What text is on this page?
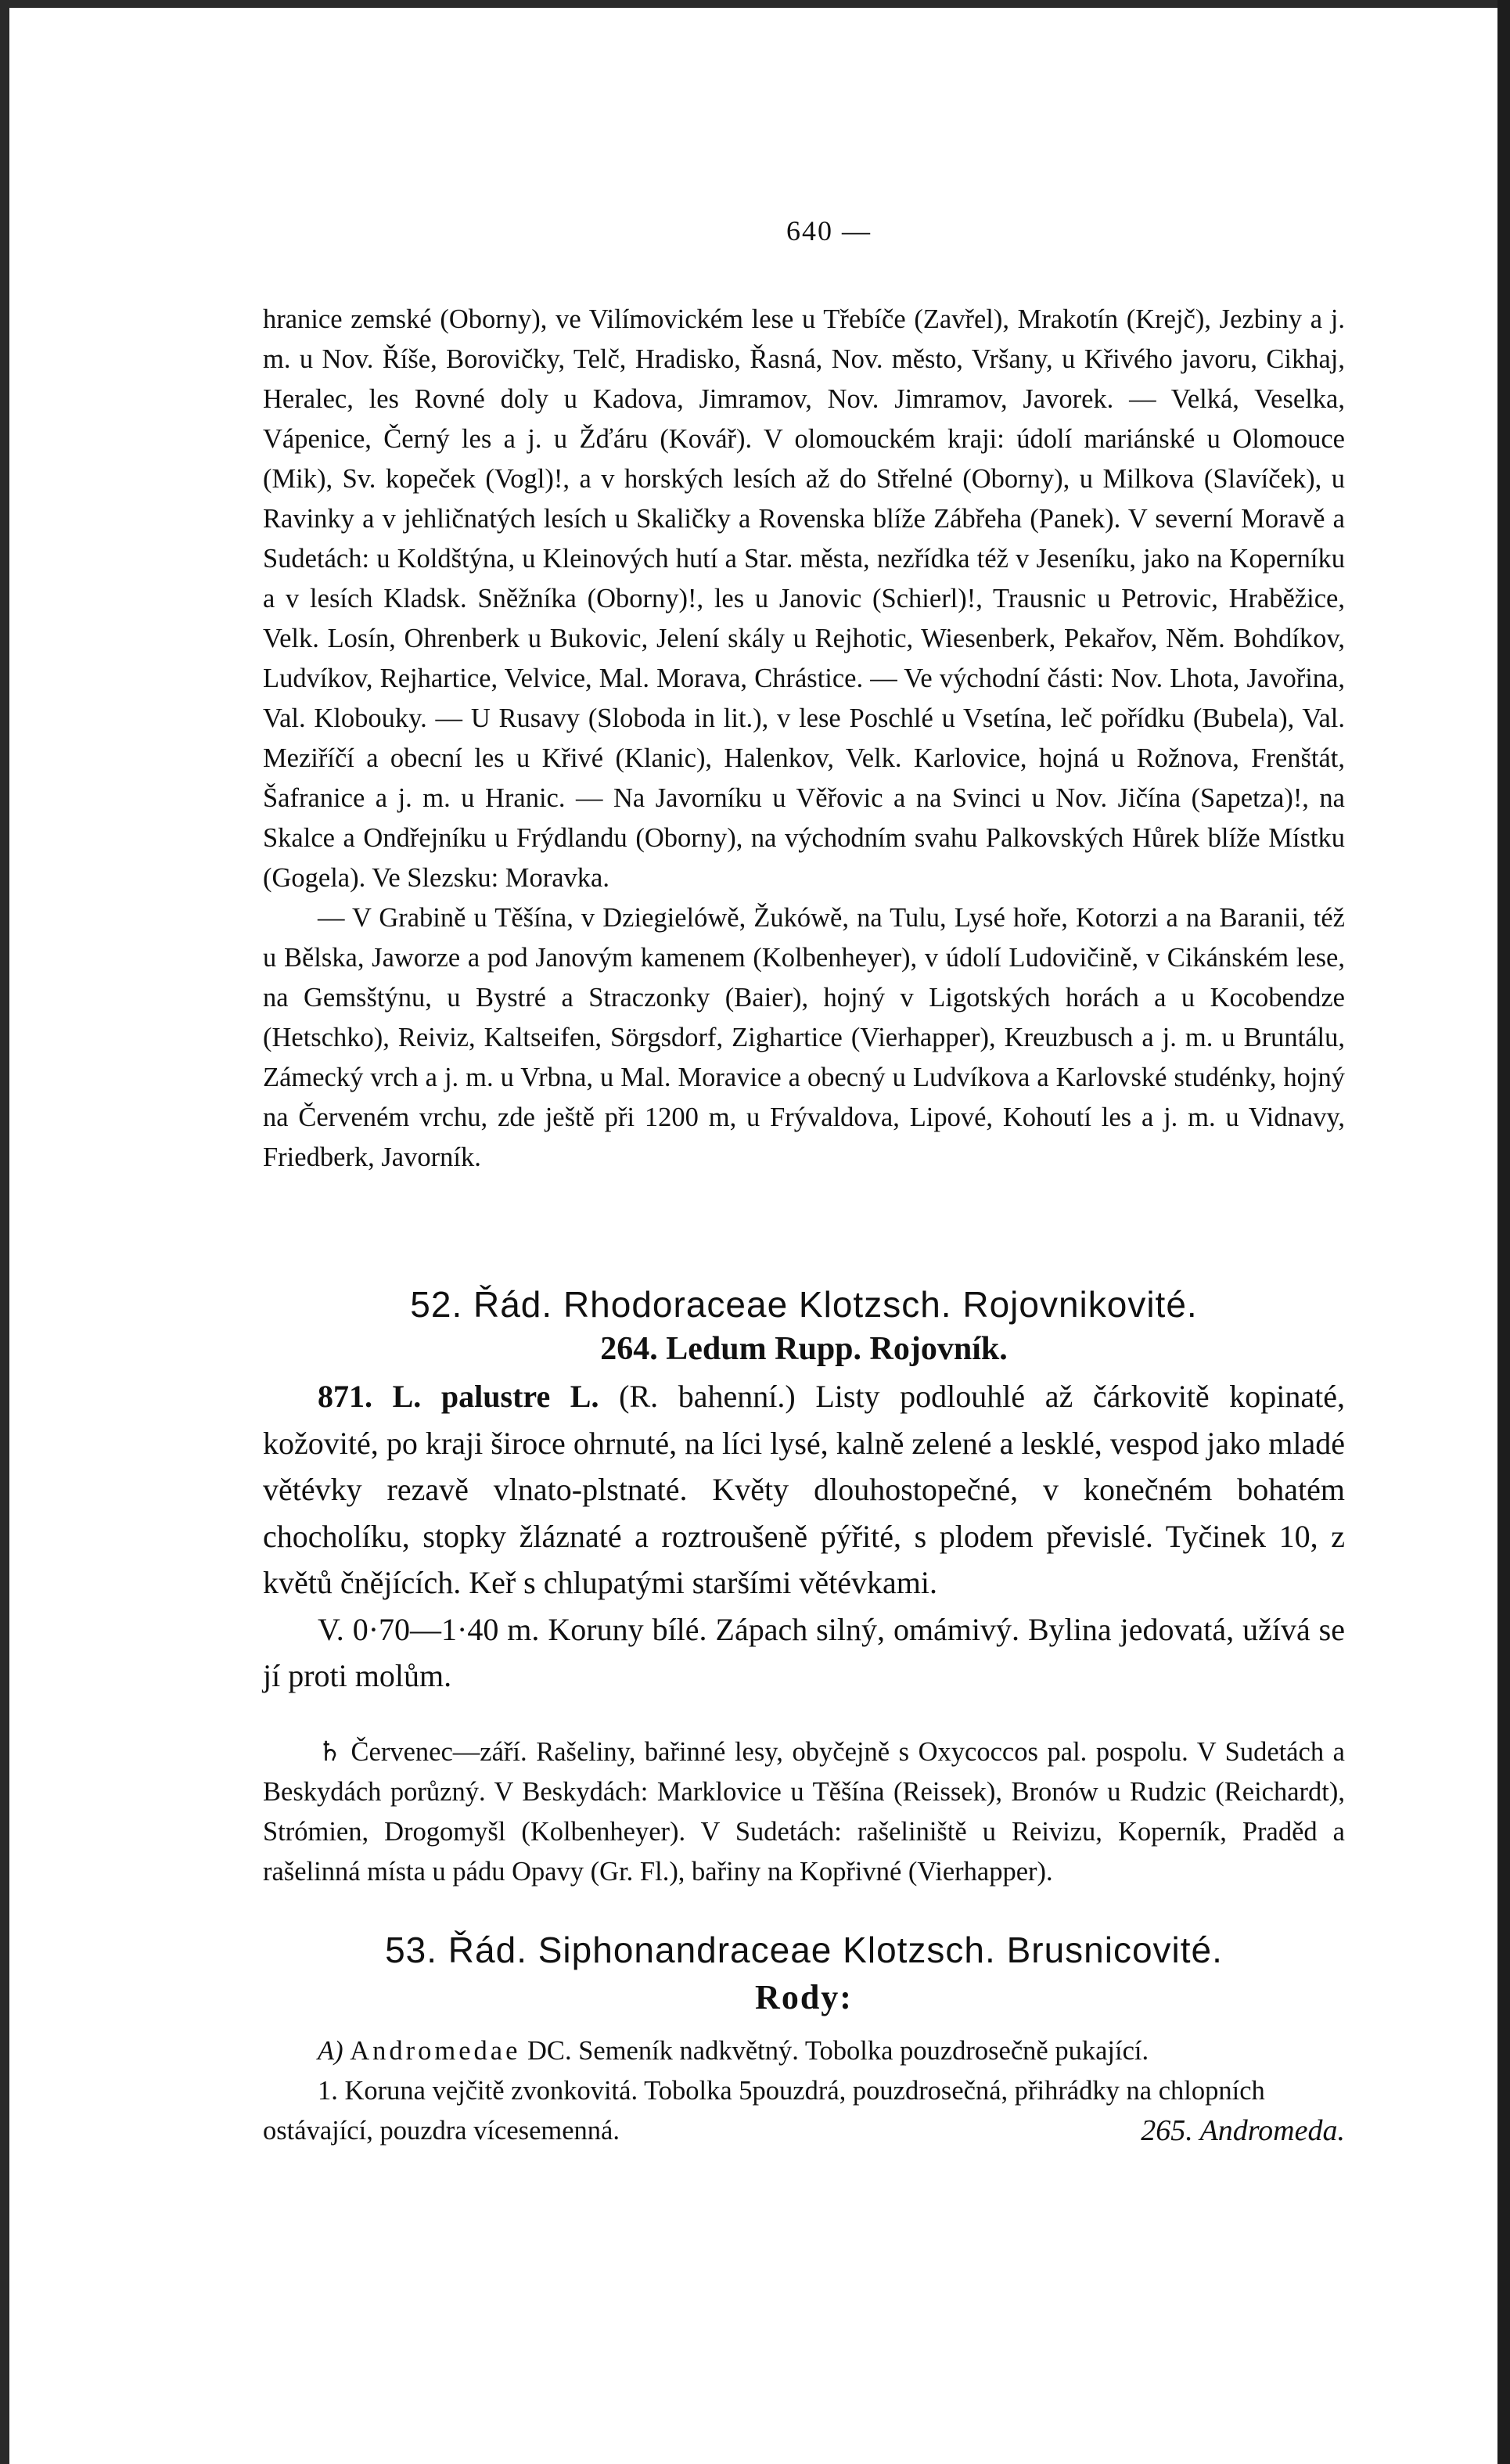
640 —

hranice zemské (Oborny), ve Vilímovickém lese u Třebíče (Zavřel), Mrakotín (Krejč), Jezbiny a j. m. u Nov. Říše, Borovičky, Telč, Hradisko, Řasná, Nov. město, Vršany, u Křivého javoru, Cikhaj, Heralec, les Rovné doly u Kadova, Jimramov, Nov. Jimramov, Javorek. — Velká, Veselka, Vápenice, Černý les a j. u Žďáru (Kovář). V olomouckém kraji: údolí mariánské u Olomouce (Mik), Sv. kopeček (Vogl)!, a v horských lesích až do Střelné (Oborny), u Milkova (Slavíček), u Ravinky a v jehličnatých lesích u Skaličky a Rovenska blíže Zábřeha (Panek). V severní Moravě a Sudetách: u Koldštýna, u Kleinových hutí a Star. města, nezřídka též v Jeseníku, jako na Koperníku a v lesích Kladsk. Sněžníka (Oborny)!, les u Janovic (Schierl)!, Trausnic u Petrovic, Hraběžice, Velk. Losín, Ohrenberk u Bukovic, Jelení skály u Rejhotic, Wiesenberk, Pekařov, Něm. Bohdíkov, Ludvíkov, Rejhartice, Velvice, Mal. Morava, Chrástice. — Ve východní části: Nov. Lhota, Javořina, Val. Klobouky. — U Rusavy (Sloboda in lit.), v lese Poschlé u Vsetína, leč pořídku (Bubela), Val. Meziříčí a obecní les u Křivé (Klanic), Halenkov, Velk. Karlovice, hojná u Rožnova, Frenštát, Šafranice a j. m. u Hranic. — Na Javorníku u Věřovic a na Svinci u Nov. Jičína (Sapetza)!, na Skalce a Ondřejníku u Frýdlandu (Oborny), na východním svahu Palkovských Hůrek blíže Místku (Gogela). Ve Slezsku: Moravka.

— V Grabině u Těšína, v Dziegielówě, Žukówě, na Tulu, Lysé hoře, Kotorzi a na Baranii, též u Bělska, Jaworze a pod Janovým kamenem (Kolbenheyer), v údolí Ludovičině, v Cikánském lese, na Gemsštýnu, u Bystré a Straczonky (Baier), hojný v Ligotských horách a u Kocobendze (Hetschko), Reiviz, Kaltseifen, Sörgsdorf, Zighartice (Vierhapper), Kreuzbusch a j. m. u Bruntálu, Zámecký vrch a j. m. u Vrbna, u Mal. Moravice a obecný u Ludvíkova a Karlovské studénky, hojný na Červeném vrchu, zde ještě při 1200 m, u Frývaldova, Lipové, Kohoutí les a j. m. u Vidnavy, Friedberk, Javorník.

52. Řád. Rhodoraceae Klotzsch. Rojovnikovité.
264. Ledum Rupp. Rojovník.

871. L. palustre L. (R. bahenní.) Listy podlouhlé až čárkovitě kopinaté, kožovité, po kraji široce ohrnuté, na líci lysé, kalně zelené a lesklé, vespod jako mladé větévky rezavě vlnato-plstnaté. Květy dlouhostopečné, v konečném bohatém chocholíku, stopky žláznaté a roztroušeně pýřité, s plodem převislé. Tyčinek 10, z květů čnějících. Keř s chlupatými staršími větévkami.

V. 0·70—1·40 m. Koruny bílé. Zápach silný, omámivý. Bylina jedovatá, užívá se jí proti molům.

♄ Červenec—září. Rašeliny, bařinné lesy, obyčejně s Oxycoccos pal. pospolu. V Sudetách a Beskydách porůzný. V Beskydách: Marklovice u Těšína (Reissek), Bronów u Rudzic (Reichardt), Strómien, Drogomyšl (Kolbenheyer). V Sudetách: rašeliniště u Reivizu, Koperník, Praděd a rašelinná místa u pádu Opavy (Gr. Fl.), bařiny na Kopřivné (Vierhapper).

53. Řád. Siphonandraceae Klotzsch. Brusnicovité.
Rody:

A) Andromedae DC. Semeník nadkvětný. Tobolka pouzdrosečně pukající.

1. Koruna vejčitě zvonkovitá. Tobolka 5pouzdrá, pouzdrosečná, přihrádky na chlopních ostávající, pouzdra vícesemenná.	265. Andromeda.
